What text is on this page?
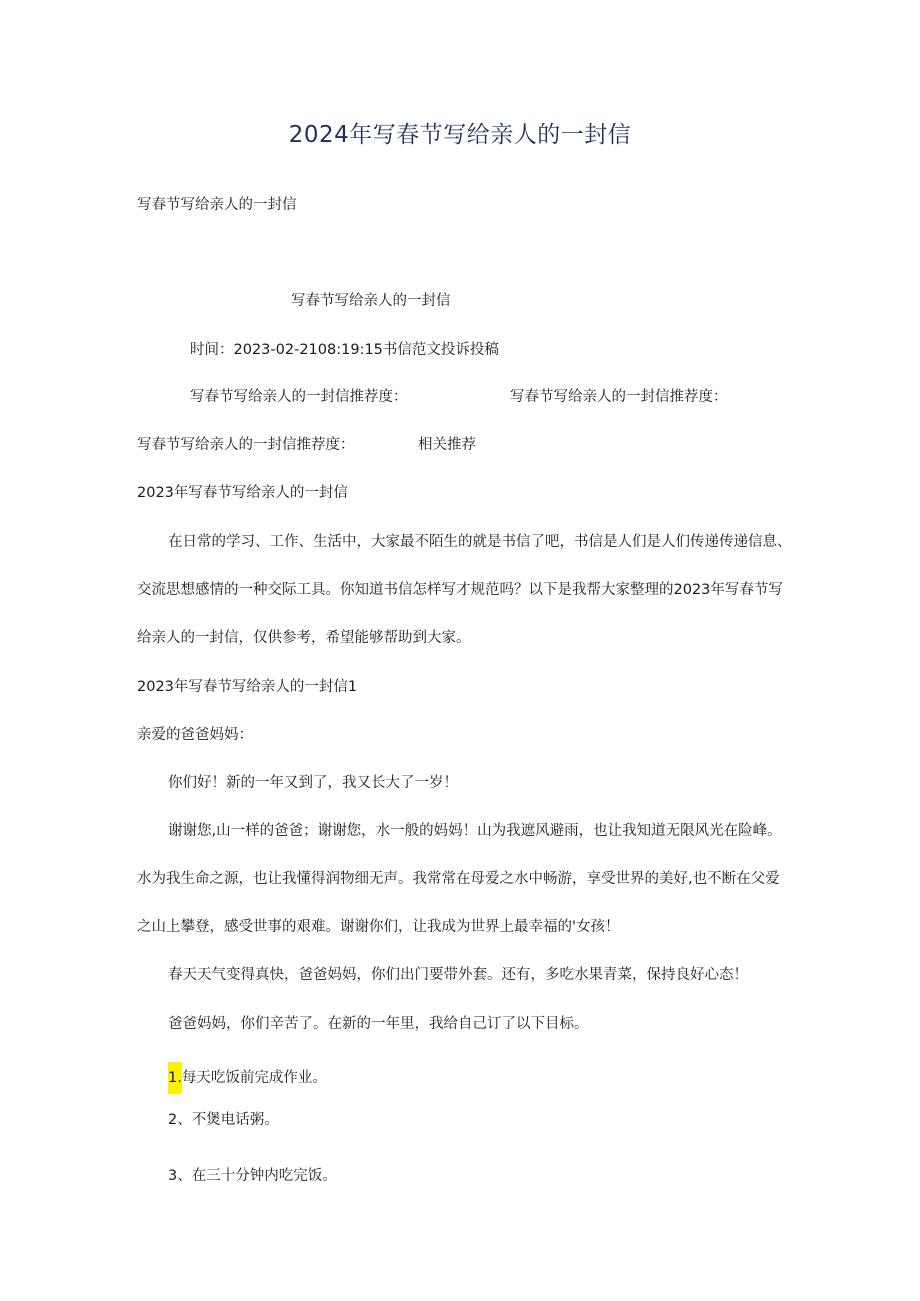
2024年写春节写给亲人的一封信
写春节写给亲人的一封信
写春节写给亲人的一封信
时间：2023-02-2108:19:15书信范文投诉投稿
写春节写给亲人的一封信推荐度：	写春节写给亲人的一封信推荐度：
写春节写给亲人的一封信推荐度：	相关推荐
2023年写春节写给亲人的一封信
在日常的学习、工作、生活中，大家最不陌生的就是书信了吧，书信是人们是人们传递传递信息、
交流思想感情的一种交际工具。你知道书信怎样写才规范吗？以下是我帮大家整理的2023年写春节写
给亲人的一封信，仅供参考，希望能够帮助到大家。
2023年写春节写给亲人的一封信1
亲爱的爸爸妈妈：
你们好！新的一年又到了，我又长大了一岁！
谢谢您,山一样的爸爸；谢谢您，水一般的妈妈！山为我遮风避雨，也让我知道无限风光在险峰。
水为我生命之源，也让我懂得润物细无声。我常常在母爱之水中畅游，享受世界的美好,也不断在父爱
之山上攀登，感受世事的艰难。谢谢你们，让我成为世界上最幸福的'女孩！
春天天气变得真快，爸爸妈妈，你们出门要带外套。还有，多吃水果青菜，保持良好心态！
爸爸妈妈，你们辛苦了。在新的一年里，我给自己订了以下目标。
1.每天吃饭前完成作业。
2、不煲电话粥。
3、在三十分钟内吃完饭。
